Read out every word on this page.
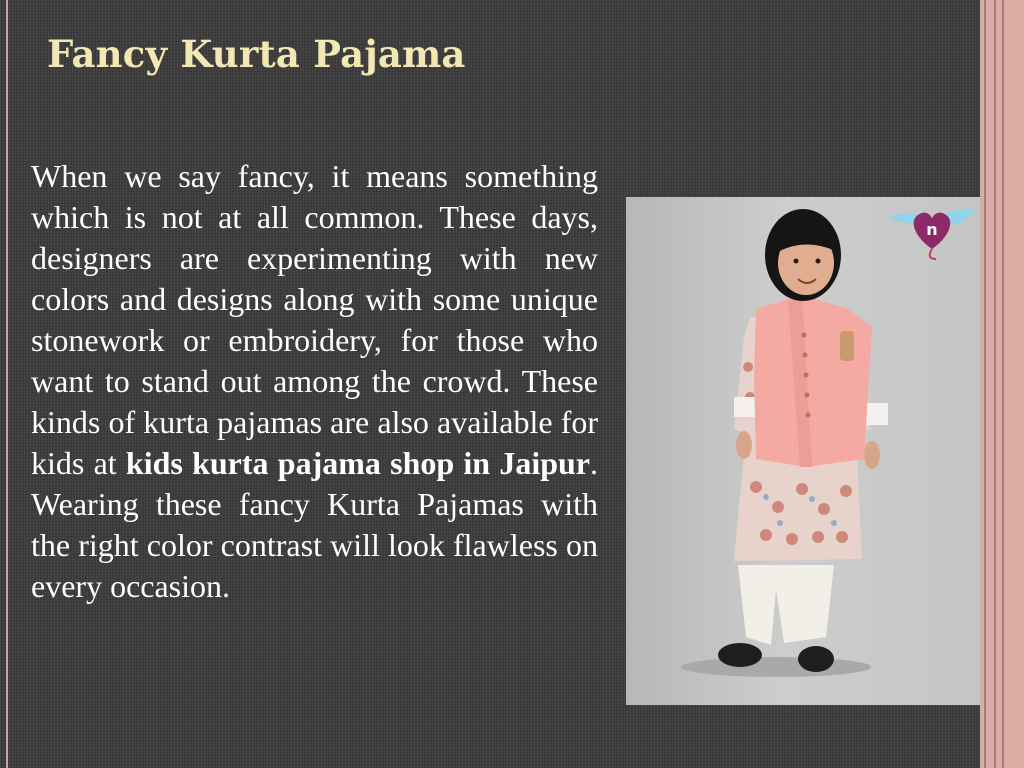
Fancy Kurta Pajama

When we say fancy, it means something which is not at all common. These days, designers are experimenting with new colors and designs along with some unique stonework or embroidery, for those who want to stand out among the crowd. These kinds of kurta pajamas are also available for kids at kids kurta pajama shop in Jaipur. Wearing these fancy Kurta Pajamas with the right color contrast will look flawless on every occasion.

n
